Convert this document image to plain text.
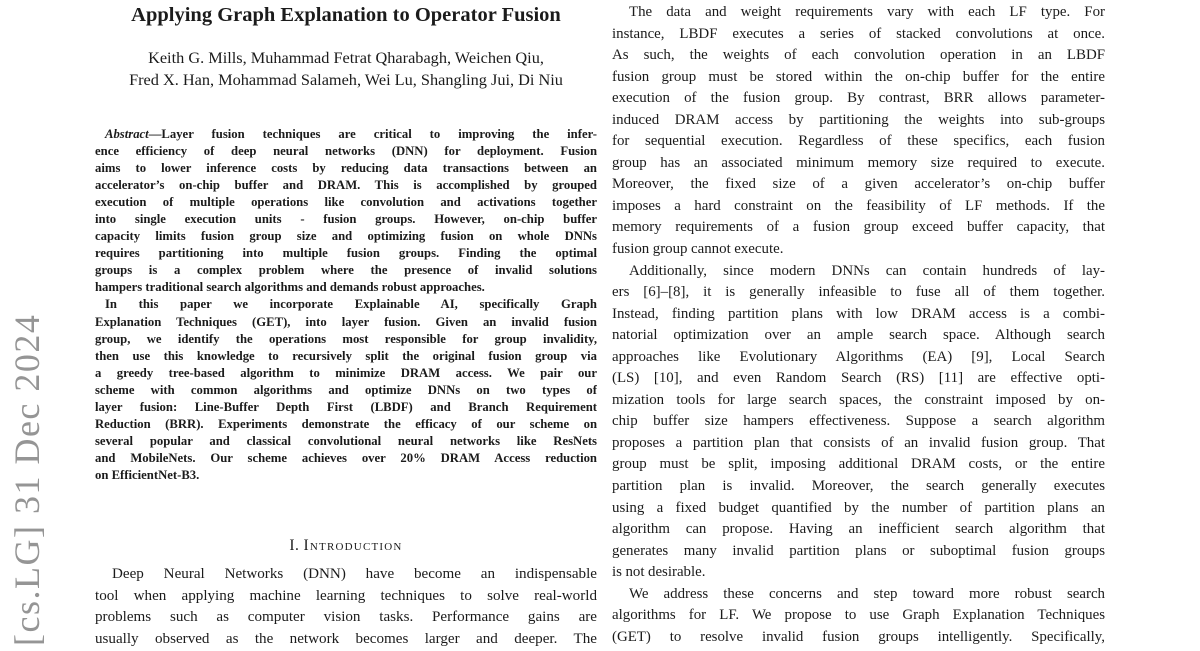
[cs.LG] 31 Dec 2024
Applying Graph Explanation to Operator Fusion
Keith G. Mills, Muhammad Fetrat Qharabagh, Weichen Qiu,
Fred X. Han, Mohammad Salameh, Wei Lu, Shangling Jui, Di Niu
Abstract—Layer fusion techniques are critical to improving the infer-
ence efficiency of deep neural networks (DNN) for deployment. Fusion
aims to lower inference costs by reducing data transactions between an
accelerator’s on-chip buffer and DRAM. This is accomplished by grouped
execution of multiple operations like convolution and activations together
into single execution units - fusion groups. However, on-chip buffer
capacity limits fusion group size and optimizing fusion on whole DNNs
requires partitioning into multiple fusion groups. Finding the optimal
groups is a complex problem where the presence of invalid solutions
hampers traditional search algorithms and demands robust approaches.
In this paper we incorporate Explainable AI, specifically Graph
Explanation Techniques (GET), into layer fusion. Given an invalid fusion
group, we identify the operations most responsible for group invalidity,
then use this knowledge to recursively split the original fusion group via
a greedy tree-based algorithm to minimize DRAM access. We pair our
scheme with common algorithms and optimize DNNs on two types of
layer fusion: Line-Buffer Depth First (LBDF) and Branch Requirement
Reduction (BRR). Experiments demonstrate the efficacy of our scheme on
several popular and classical convolutional neural networks like ResNets
and MobileNets. Our scheme achieves over 20% DRAM Access reduction
on EfficientNet-B3.
I. Introduction
Deep Neural Networks (DNN) have become an indispensable
tool when applying machine learning techniques to solve real-world
problems such as computer vision tasks. Performance gains are
usually observed as the network becomes larger and deeper. The
The data and weight requirements vary with each LF type. For
instance, LBDF executes a series of stacked convolutions at once.
As such, the weights of each convolution operation in an LBDF
fusion group must be stored within the on-chip buffer for the entire
execution of the fusion group. By contrast, BRR allows parameter-
induced DRAM access by partitioning the weights into sub-groups
for sequential execution. Regardless of these specifics, each fusion
group has an associated minimum memory size required to execute.
Moreover, the fixed size of a given accelerator’s on-chip buffer
imposes a hard constraint on the feasibility of LF methods. If the
memory requirements of a fusion group exceed buffer capacity, that
fusion group cannot execute.
Additionally, since modern DNNs can contain hundreds of lay-
ers [6]–[8], it is generally infeasible to fuse all of them together.
Instead, finding partition plans with low DRAM access is a combi-
natorial optimization over an ample search space. Although search
approaches like Evolutionary Algorithms (EA) [9], Local Search
(LS) [10], and even Random Search (RS) [11] are effective opti-
mization tools for large search spaces, the constraint imposed by on-
chip buffer size hampers effectiveness. Suppose a search algorithm
proposes a partition plan that consists of an invalid fusion group. That
group must be split, imposing additional DRAM costs, or the entire
partition plan is invalid. Moreover, the search generally executes
using a fixed budget quantified by the number of partition plans an
algorithm can propose. Having an inefficient search algorithm that
generates many invalid partition plans or suboptimal fusion groups
is not desirable.
We address these concerns and step toward more robust search
algorithms for LF. We propose to use Graph Explanation Techniques
(GET) to resolve invalid fusion groups intelligently. Specifically,
